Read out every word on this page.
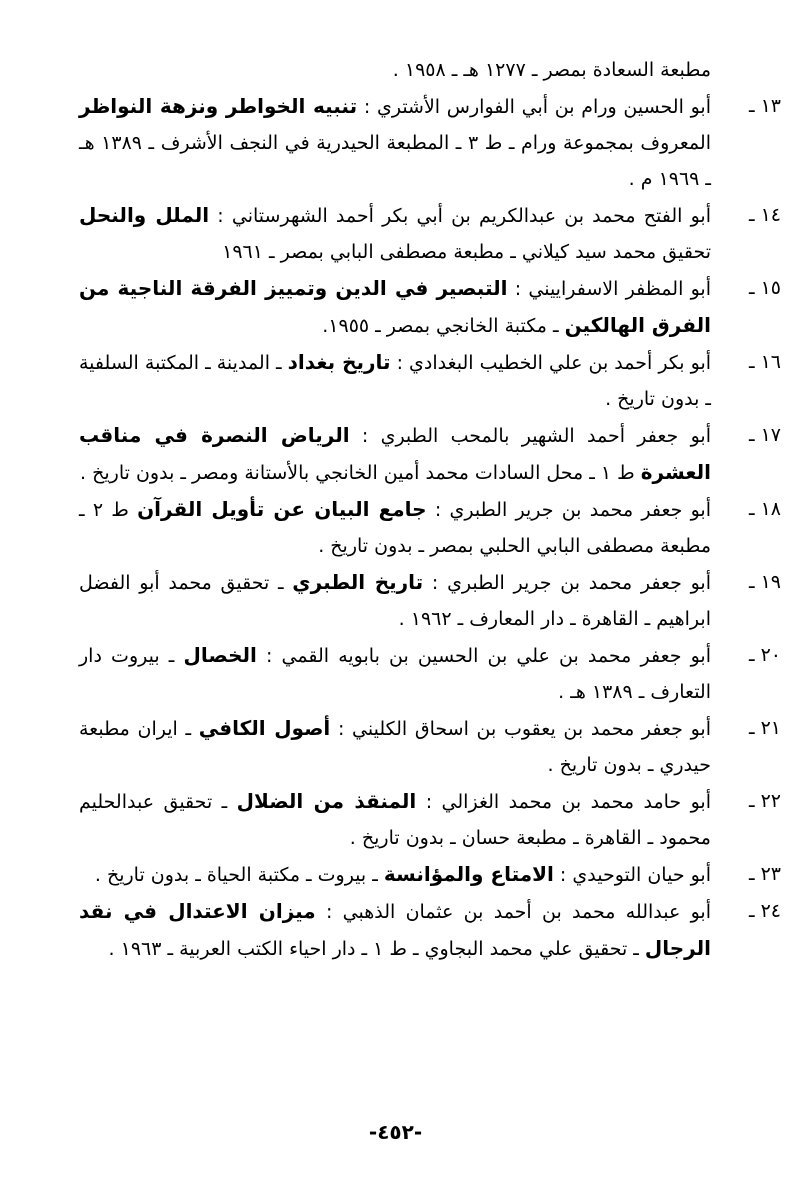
مطبعة السعادة بمصر ـ ١٢٧٧ هـ ـ ١٩٥٨ .
١٣ ـ
أبو الحسين ورام بن أبي الفوارس الأشتري : تنبيه الخواطر ونزهة النواظر المعروف بمجموعة ورام ـ ط ٣ ـ المطبعة الحيدرية في النجف الأشرف ـ ١٣٨٩ هـ ـ ١٩٦٩ م .
١٤ ـ
أبو الفتح محمد بن عبدالكريم بن أبي بكر أحمد الشهرستاني : الملل والنحل تحقيق محمد سيد كيلاني ـ مطبعة مصطفى البابي بمصر ـ ١٩٦١
١٥ ـ
أبو المظفر الاسفراييني : التبصير في الدين وتمييز الفرقة الناجية من الفرق الهالكين ـ مكتبة الخانجي بمصر ـ ١٩٥٥.
١٦ ـ
أبو بكر أحمد بن علي الخطيب البغدادي : تاريخ بغداد ـ المدينة ـ المكتبة السلفية ـ بدون تاريخ .
١٧ ـ
أبو جعفر أحمد الشهير بالمحب الطبري : الرياض النصرة في مناقب العشرة ط ١ ـ محل السادات محمد أمين الخانجي بالأستانة ومصر ـ بدون تاريخ .
١٨ ـ
أبو جعفر محمد بن جرير الطبري : جامع البيان عن تأويل القرآن ط ٢ ـ مطبعة مصطفى البابي الحلبي بمصر ـ بدون تاريخ .
١٩ ـ
أبو جعفر محمد بن جرير الطبري : تاريخ الطبري ـ تحقيق محمد أبو الفضل ابراهيم ـ القاهرة ـ دار المعارف ـ ١٩٦٢ .
٢٠ ـ
أبو جعفر محمد بن علي بن الحسين بن بابويه القمي : الخصال ـ بيروت دار التعارف ـ ١٣٨٩ هـ .
٢١ ـ
أبو جعفر محمد بن يعقوب بن اسحاق الكليني : أصول الكافي ـ ايران مطبعة حيدري ـ بدون تاريخ .
٢٢ ـ
أبو حامد محمد بن محمد الغزالي : المنقذ من الضلال ـ تحقيق عبدالحليم محمود ـ القاهرة ـ مطبعة حسان ـ بدون تاريخ .
٢٣ ـ
أبو حيان التوحيدي : الامتاع والمؤانسة ـ بيروت ـ مكتبة الحياة ـ بدون تاريخ .
٢٤ ـ
أبو عبدالله محمد بن أحمد بن عثمان الذهبي : ميزان الاعتدال في نقد الرجال ـ تحقيق علي محمد البجاوي ـ ط ١ ـ دار احياء الكتب العربية ـ ١٩٦٣ .
-٤٥٢-
